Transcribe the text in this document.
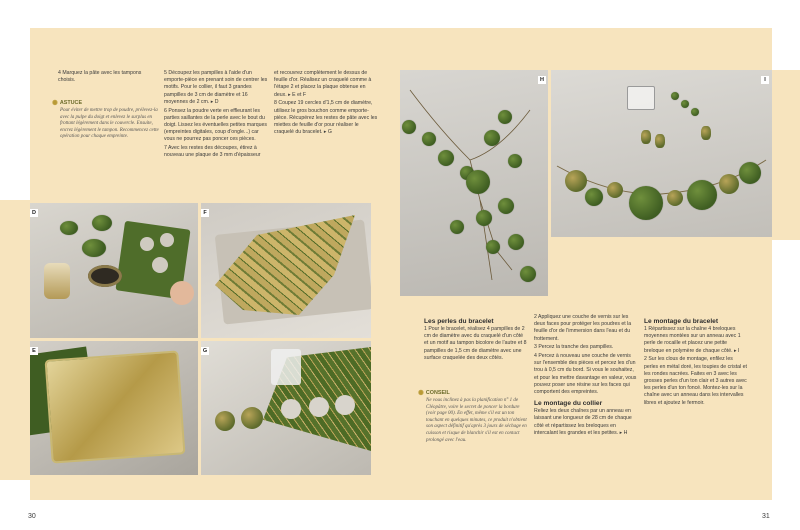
4 Marquez la pâte avec les tampons choisis.

✺ ASTUCE
Pour éviter de mettre trop de poudre, prélevez-la avec la pulpe du doigt et enlevez le surplus en frottant légèrement dans le couvercle. Ensuite, encrez légèrement le tampon. Recommencez cette opération pour chaque empreinte.

5 Découpez les pampilles à l'aide d'un emporte-pièce en prenant soin de centrer les motifs. Pour le collier, il faut 3 grandes pampilles de 3 cm de diamètre et 16 moyennes de 2 cm. ▸ D

6 Ponsez la poudre verte en effleurant les parties saillantes de la perle avec le bout du doigt. Lissez les éventuelles petites marques (empreintes digitales, coup d'ongle...) car vous ne pourrez pas poncer ces pièces.

7 Avec les restes des découpes, étirez à nouveau une plaque de 3 mm d'épaisseur

et recouvrez complètement le dessus de feuille d'or. Réalisez un craquelé comme à l'étape 2 et placez la plaque obtenue en deux. ▸ E et F

8 Coupez 19 cercles d'1,5 cm de diamètre, utilisez le gros bouchon comme emporte-pièce. Récupérez les restes de pâte avec les miettes de feuille d'or pour réaliser le craquelé du bracelet. ▸ G

D	F
E	G
H	I
Les perles du bracelet

1 Pour le bracelet, réalisez 4 pampilles de 2 cm de diamètre avec du craquelé d'un côté et un motif au tampon bicolore de l'autre et 8 pampilles de 1,5 cm de diamètre avec une surface craquelée des deux côtés.

✺ CONSEIL
Ne vous inclinez à pas la planification n° 1 de Cléopâtre, voire le secret de poncer la bordure (voir page 00). En effet, même s'il est un ton touchant en quelques minutes, ce produit n'obtient son aspect définitif qu'après 3 jours de séchage en cuisson et risque de blanchir s'il est en contact prolongé avec l'eau.

2 Appliquez une couche de vernis sur les deux faces pour protéger les poudres et la feuille d'or de l'immersion dans l'eau et du frottement.

3 Percez la tranche des pampilles.

4 Percez à nouveau une couche de vernis sur l'ensemble des pièces et percez les d'un trou à 0,5 cm du bord. Si vous le souhaitez, et pour les mettre davantage en valeur, vous pouvez poser une résine sur les faces qui comportent des empreintes.

Le montage du collier

Reliez les deux chaînes par un anneau en laissant une longueur de 28 cm de chaque côté et répartissez les breloques en intercalant les grandes et les petites. ▸ H

Le montage du bracelet

1 Répartissez sur la chaîne 4 breloques moyennes montées sur un anneau avec 1 perle de rocaille et placez une petite breloque en polymère de chaque côté. ▸ I

2 Sur les clous de montage, enfilez les perles en métal doré, les toupies de cristal et les rondes nacrées. Faites en 3 avec les grosses perles d'un ton clair et 3 autres avec les perles d'un ton foncé. Montez-les sur la chaîne avec un anneau dans les intervalles libres et ajoutez le fermoir.

30	31
